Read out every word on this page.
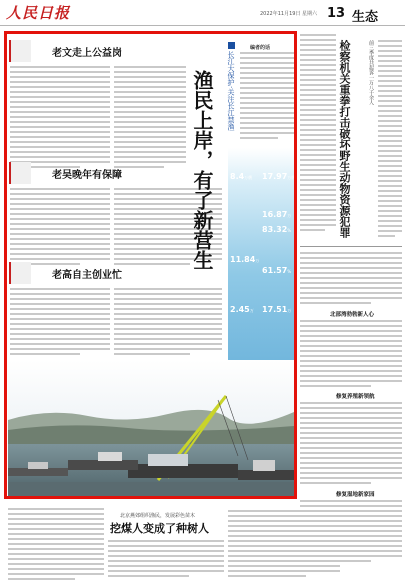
人民日报	2022年11月19日 星期六 13 生态
老文走上公益岗
老吴晚年有保障
老高自主创业忙
长江大保护·关注长江禁渔
渔民上岸，有了新营生
编者的话
8.4万艘 17.97万艘
16.87万
83.32%
11.84万
61.57%
2.45万 17.51万
检察机关重拳打击破坏野生动物资源犯罪	前三季度共起诉一万八千余人
北部湾勃勃新人心
修复养殖新领航
修复湿地新家园
北京燕郊组织渔民，发展彩色苗木
挖煤人变成了种树人
